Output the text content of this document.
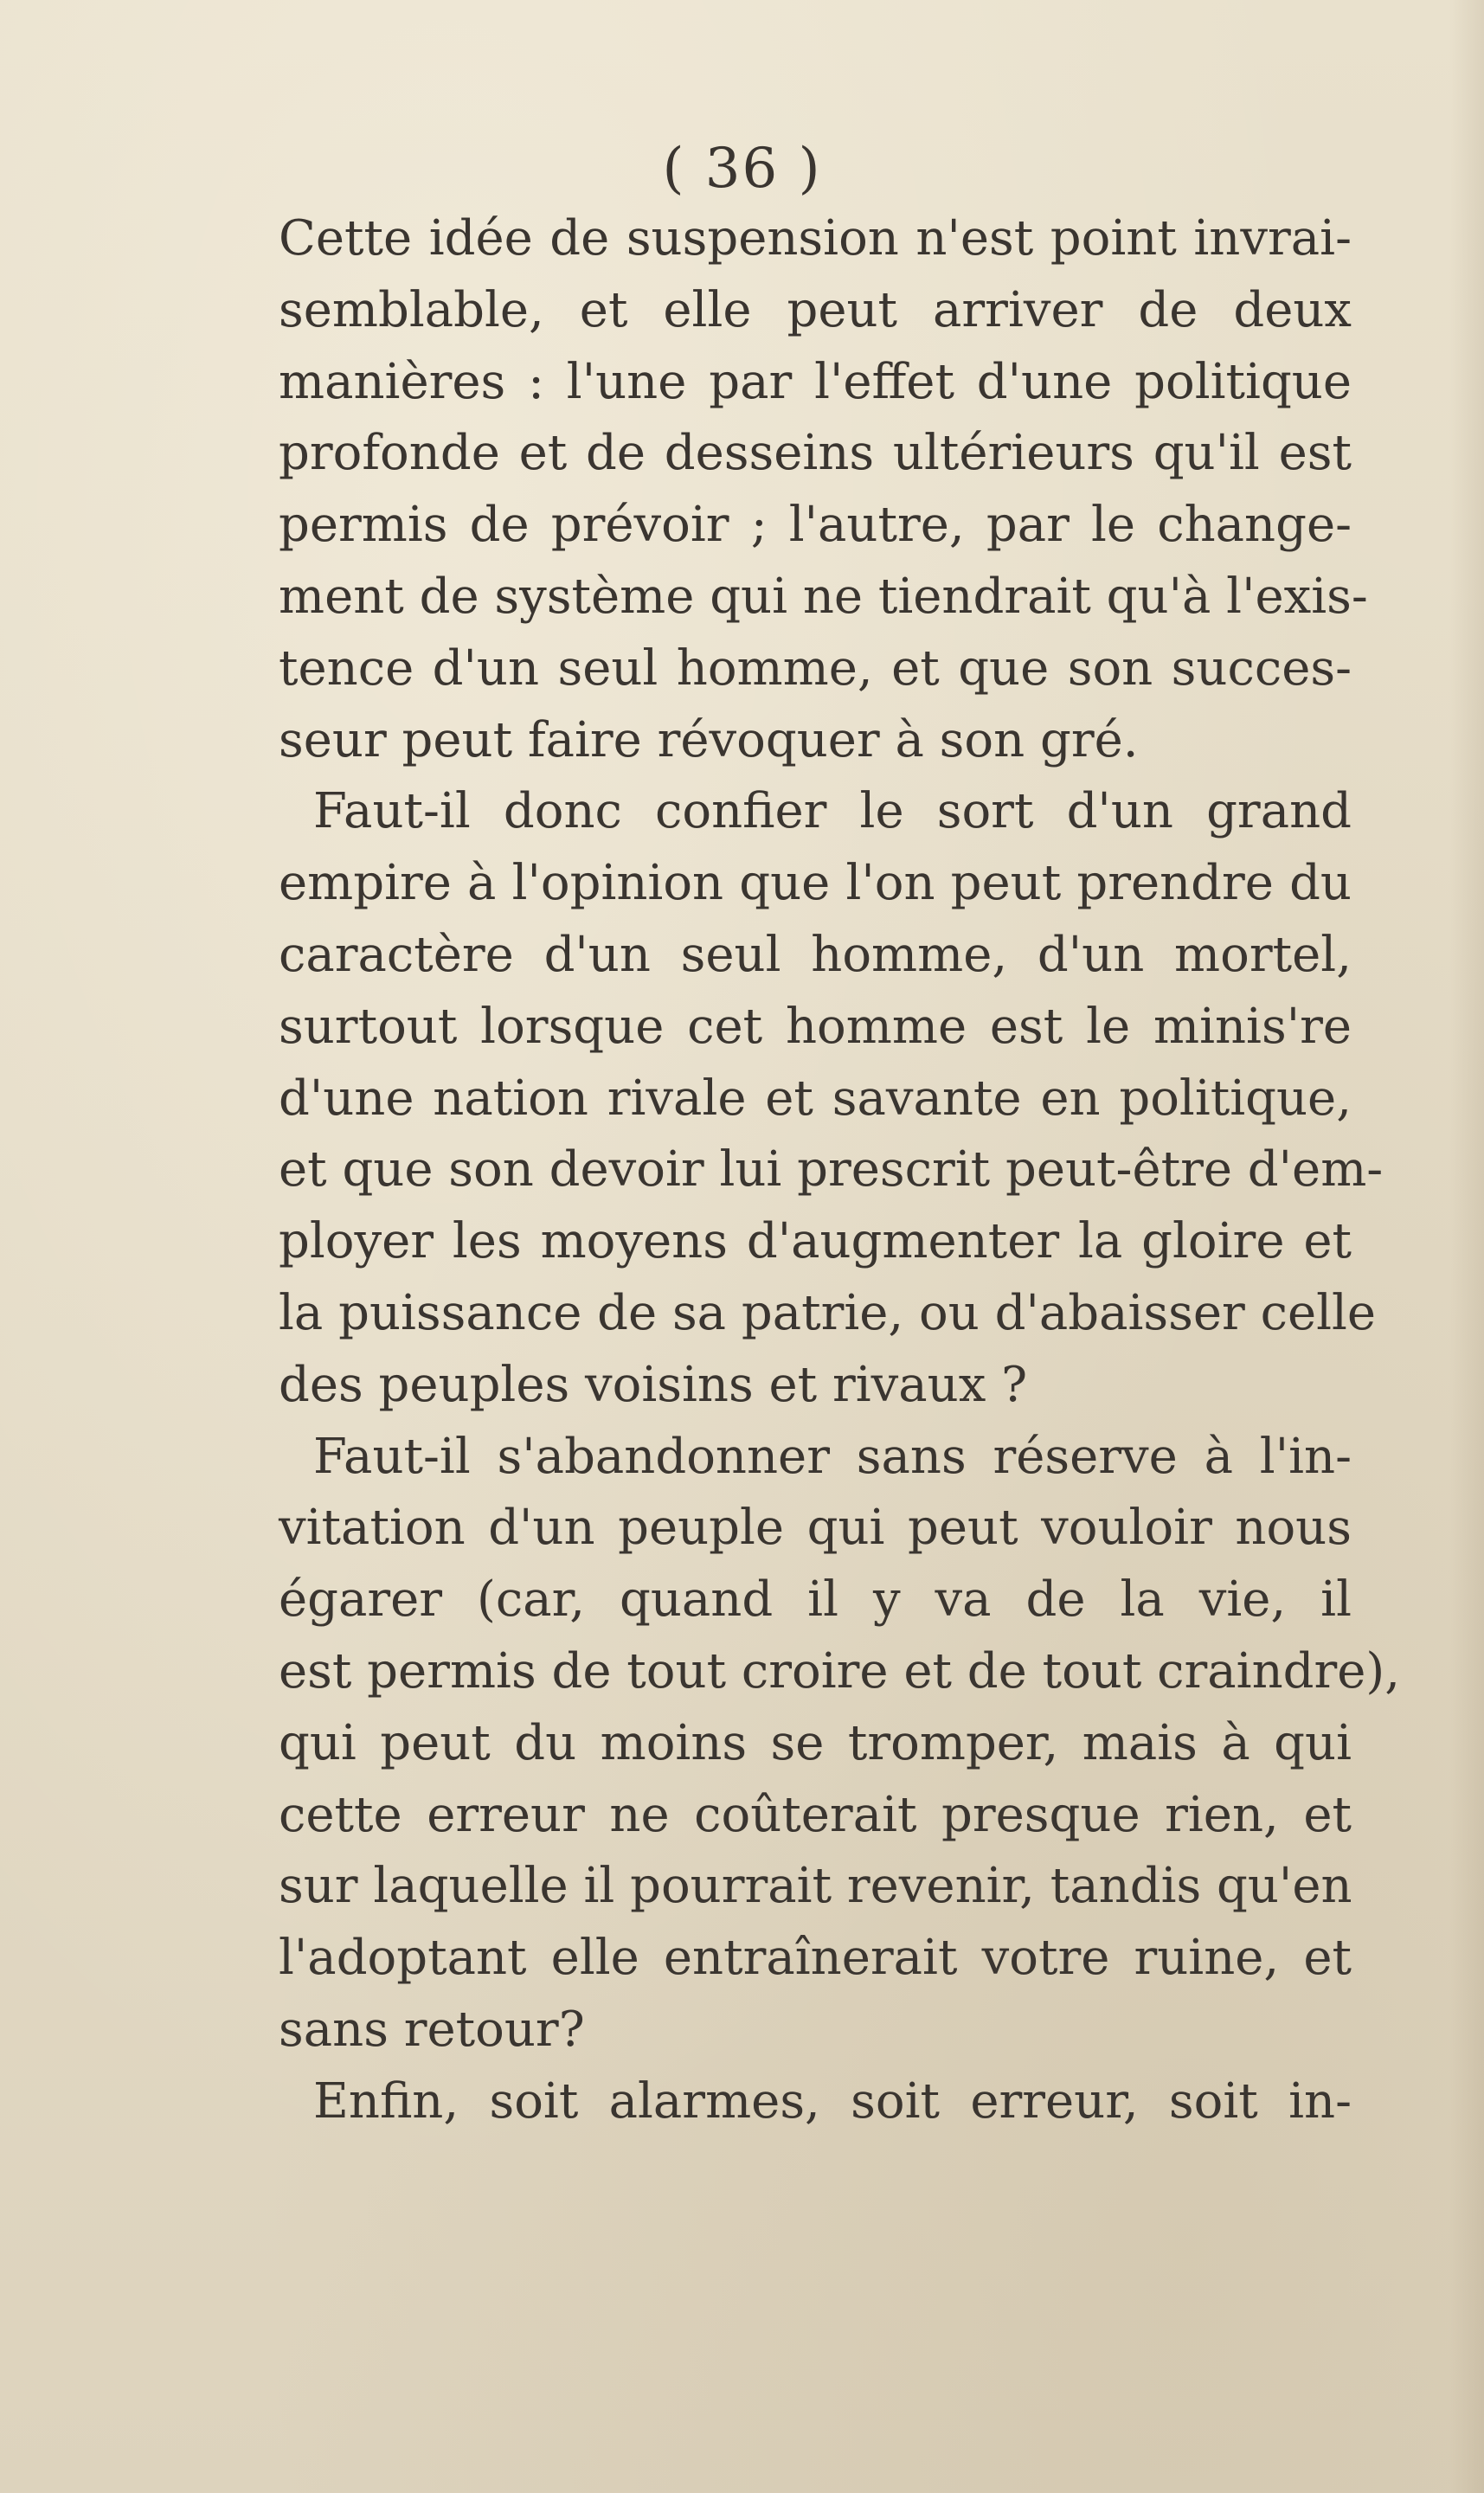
( 36 )
Cette idée de suspension n'est point invrai-
semblable, et elle peut arriver de deux
manières : l'une par l'effet d'une politique
profonde et de desseins ultérieurs qu'il est
permis de prévoir ; l'autre, par le change-
ment de système qui ne tiendrait qu'à l'exis-
tence d'un seul homme, et que son succes-
seur peut faire révoquer à son gré.
Faut-il donc confier le sort d'un grand
empire à l'opinion que l'on peut prendre du
caractère d'un seul homme, d'un mortel,
surtout lorsque cet homme est le minis're
d'une nation rivale et savante en politique,
et que son devoir lui prescrit peut-être d'em-
ployer les moyens d'augmenter la gloire et
la puissance de sa patrie, ou d'abaisser celle
des peuples voisins et rivaux ?
Faut-il s'abandonner sans réserve à l'in-
vitation d'un peuple qui peut vouloir nous
égarer (car, quand il y va de la vie, il
est permis de tout croire et de tout craindre),
qui peut du moins se tromper, mais à qui
cette erreur ne coûterait presque rien, et
sur laquelle il pourrait revenir, tandis qu'en
l'adoptant elle entraînerait votre ruine, et
sans retour?
Enfin, soit alarmes, soit erreur, soit in-
